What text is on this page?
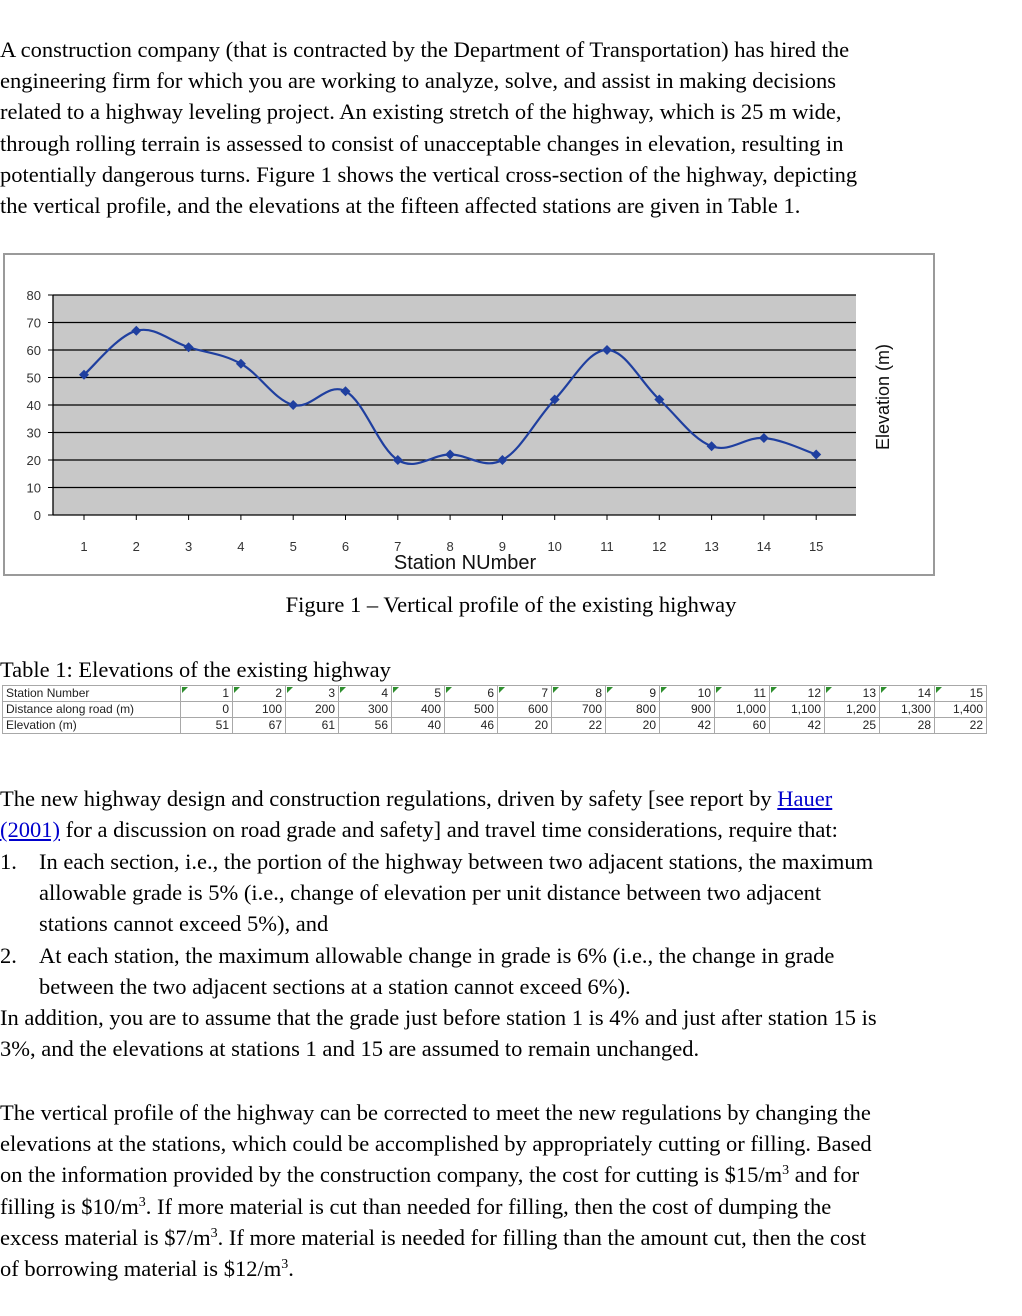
A construction company (that is contracted by the Department of Transportation) has hired the
engineering firm for which you are working to analyze, solve, and assist in making decisions
related to a highway leveling project. An existing stretch of the highway, which is 25 m wide,
through rolling terrain is assessed to consist of unacceptable changes in elevation, resulting in
potentially dangerous turns. Figure 1 shows the vertical cross-section of the highway, depicting
the vertical profile, and the elevations at the fifteen affected stations are given in Table 1.

0
10
20
30
40
50
60
70
80
1	2	3	4	5	6	7	8	9	10	11	12	13	14	15
Station NUmber
Elevation (m)

Figure 1 – Vertical profile of the existing highway

Table 1: Elevations of the existing highway

Station Number	1	2	3	4	5	6	7	8	9	10	11	12	13	14	15
Distance along road (m)	0	100	200	300	400	500	600	700	800	900	1,000	1,100	1,200	1,300	1,400
Elevation (m)	51	67	61	56	40	46	20	22	20	42	60	42	25	28	22

The new highway design and construction regulations, driven by safety [see report by Hauer
(2001) for a discussion on road grade and safety] and travel time considerations, require that:

1. In each section, i.e., the portion of the highway between two adjacent stations, the maximum
allowable grade is 5% (i.e., change of elevation per unit distance between two adjacent
stations cannot exceed 5%), and
2. At each station, the maximum allowable change in grade is 6% (i.e., the change in grade
between the two adjacent sections at a station cannot exceed 6%).

In addition, you are to assume that the grade just before station 1 is 4% and just after station 15 is
3%, and the elevations at stations 1 and 15 are assumed to remain unchanged.

The vertical profile of the highway can be corrected to meet the new regulations by changing the
elevations at the stations, which could be accomplished by appropriately cutting or filling. Based
on the information provided by the construction company, the cost for cutting is $\$15/m^3$ and for
filling is $\$10/m^3$. If more material is cut than needed for filling, then the cost of dumping the
excess material is $\$7/m^3$. If more material is needed for filling than the amount cut, then the cost
of borrowing material is $\$12/m^3$.
